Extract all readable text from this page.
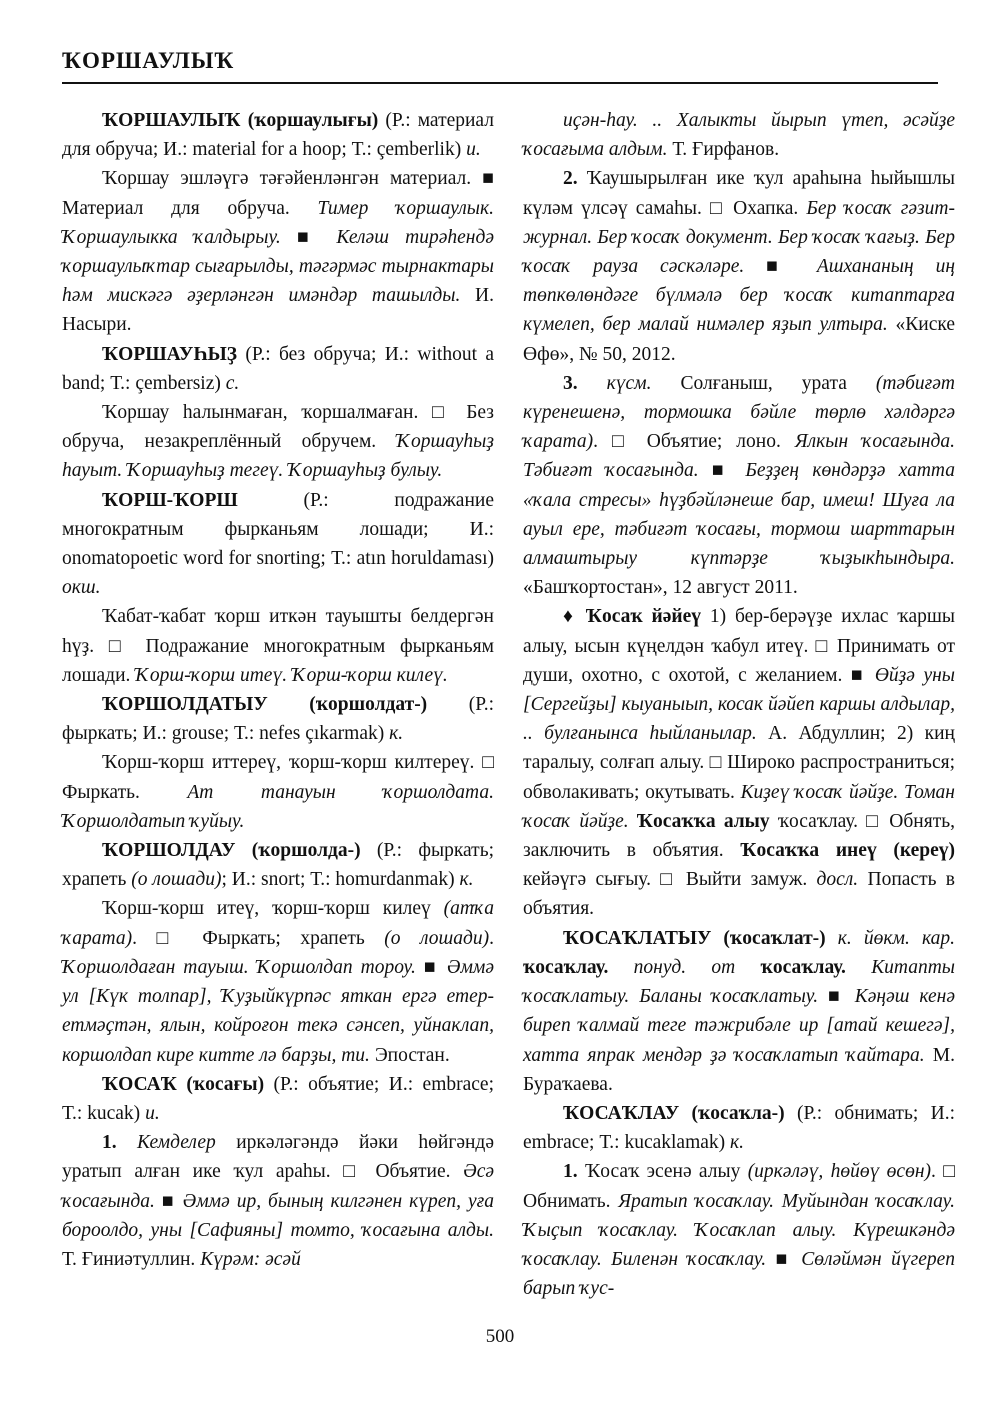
ҠОРШАУЛЫҠ

ҠОРШАУЛЫҠ (ҡоршаулығы) (Р.: материал для обруча; И.: material for a hoop; Т.: çemberlik) и.

Ҡоршау эшләүгә тәғәйенләнгән материал. ■ Материал для обруча. Тимер ҡоршаулык. Ҡоршаулыкка ҡалдырыу. ■ Келәш тирәһендә ҡоршаулыҡтар сығарылды, тәгәрмәс тырнактары һәм мискәгә әҙерләнгән имәндәр ташылды. И. Насыри.

ҠОРШАУҺЫҘ (Р.: без обруча; И.: without a band; Т.: çembersiz) с.

Ҡоршау һалынмаған, ҡоршалмаған. □ Без обруча, незакреплённый обручем. Ҡоршауһыҙ һауыт. Ҡоршауһыҙ тегеү. Ҡоршауһыҙ булыу.

ҠОРШ-ҠОРШ (Р.: подражание многократным фырканьям лошади; И.: onomatopoetic word for snorting; Т.: atın horuldaması) окш.

Ҡабат-ҡабат ҡорш иткән тауышты белдергән һүҙ. □ Подражание многократным фырканьям лошади. Ҡорш-ҡорш итеү. Ҡорш-ҡорш килеү.

ҠОРШОЛДАТЫУ (ҡоршолдат-) (Р.: фыркать; И.: grouse; Т.: nefes çıkarmak) к.

Ҡорш-ҡорш иттереү, ҡорш-ҡорш килтереү. □ Фыркать. Ат танауын ҡоршолдата. Ҡоршолдатып ҡуйыу.

ҠОРШОЛДАУ (ҡоршолда-) (Р.: фыркать; храпеть (о лошади); И.: snort; Т.: homurdanmak) к.

Ҡорш-ҡорш итеү, ҡорш-ҡорш килеү (атҡа ҡарата). □ Фыркать; храпеть (о лошади). Ҡоршолдаған тауыш. Ҡоршолдап тороу. ■ Әммә ул [Күк толпар], Ҡуҙыйкүрпәс яткан ергә етер-етмәҫтән, ялын, койроғон текә сәнсеп, уйнаклап, коршолдап кире китте лә барҙы, ти. Эпостан.

ҠОСАҠ (ҡосағы) (Р.: объятие; И.: embrace; Т.: kucak) и.

1. Кемделер иркәләгәндә йәки һөйгәндә уратып алған ике ҡул араһы. □ Объятие. Әсә ҡосағында. ■ Әммә ир, быныӊ килгәнен күреп, уға бороолдо, уны [Сафияны] томто, ҡосағына алды. Т. Ғиниәтуллин. Күрәм: әсәй

иҫән-һау. .. Халыкты йырып үтеп, әсәйҙе ҡосағыма алдым. Т. Ғирфанов.

2. Ҡаушырылған ике ҡул араһына һыйышлы күләм үлсәү самаһы. □ Охапка. Бер ҡосаҡ гәзит-журнал. Бер ҡосаҡ документ. Бер ҡосаҡ ҡағыҙ. Бер ҡосаҡ рауза сәскәләре. ■ Ашхананың иң төпкөлөндәге бүлмәлә бер ҡосаҡ китаптарға күмелеп, бер малай нимәлер яҙып ултыра. «Киске Өфө», № 50, 2012.

3. күсм. Солғаныш, урата (тәбиғәт күренешенә, тормошка бәйле төрлө хәлдәргә ҡарата). □ Объятие; лоно. Ялкын ҡосағында. Тәбиғәт ҡосағында. ■ Беҙҙең көндәрҙә хатта «ҡала стресы» һүҙбәйләнеше бар, имеш! Шуға ла ауыл ере, тәбиғәт ҡосағы, тормош шарттарын алмаштырыу күптәрҙе ҡыҙыкһындыра. «Башҡортостан», 12 август 2011.

♦ Ҡосаҡ йәйеү 1) бер-берәүҙе ихлас ҡаршы алыу, ысын күңелдән ҡабул итеү. □ Принимать от души, охотно, с охотой, с желанием. ■ Өйҙә уны [Сергейҙы] кыуаныып, косак йәйеп каршы алдылар, .. булғанынса һыйланылар. А. Абдуллин; 2) киң таралыу, солғап алыу. □ Широко распространиться; обволакивать; окутывать. Киҙеү ҡосаҡ йәйҙе. Томан ҡосаҡ йәйҙе. Ҡосаҡҡа алыу ҡосаҡлау. □ Обнять, заключить в объятия. Ҡосаҡҡа инеү (кереү) кейәүгә сығыу. □ Выйти замуж. досл. Попасть в объятия.

ҠОСАҠЛАТЫУ (ҡосаҡлат-) к. йөкм. кар. ҡосаҡлау. понуд. от ҡосаҡлау. Китапты ҡосаҡлатыу. Баланы ҡосаҡлатыу. ■ Кәңәш кенә биреп ҡалмай теге тәжрибәле ир [атай кешегә], хатта япрак мендәр ҙә ҡосаҡлатып ҡайтара. М. Бураҡаева.

ҠОСАҠЛАУ (ҡосаҡла-) (Р.: обнимать; И.: embrace; Т.: kucaklamak) к.

1. Ҡосаҡ эсенә алыу (иркәләү, һөйөү өсөн). □ Обнимать. Яратып ҡосаҡлау. Муйындан ҡосаҡлау. Ҡыҫып ҡосаҡлау. Ҡосаҡлап алыу. Күрешкәндә ҡосаҡлау. Биленән ҡосаҡлау. ■ Сөләймән йүгереп барып ҡус-

500
